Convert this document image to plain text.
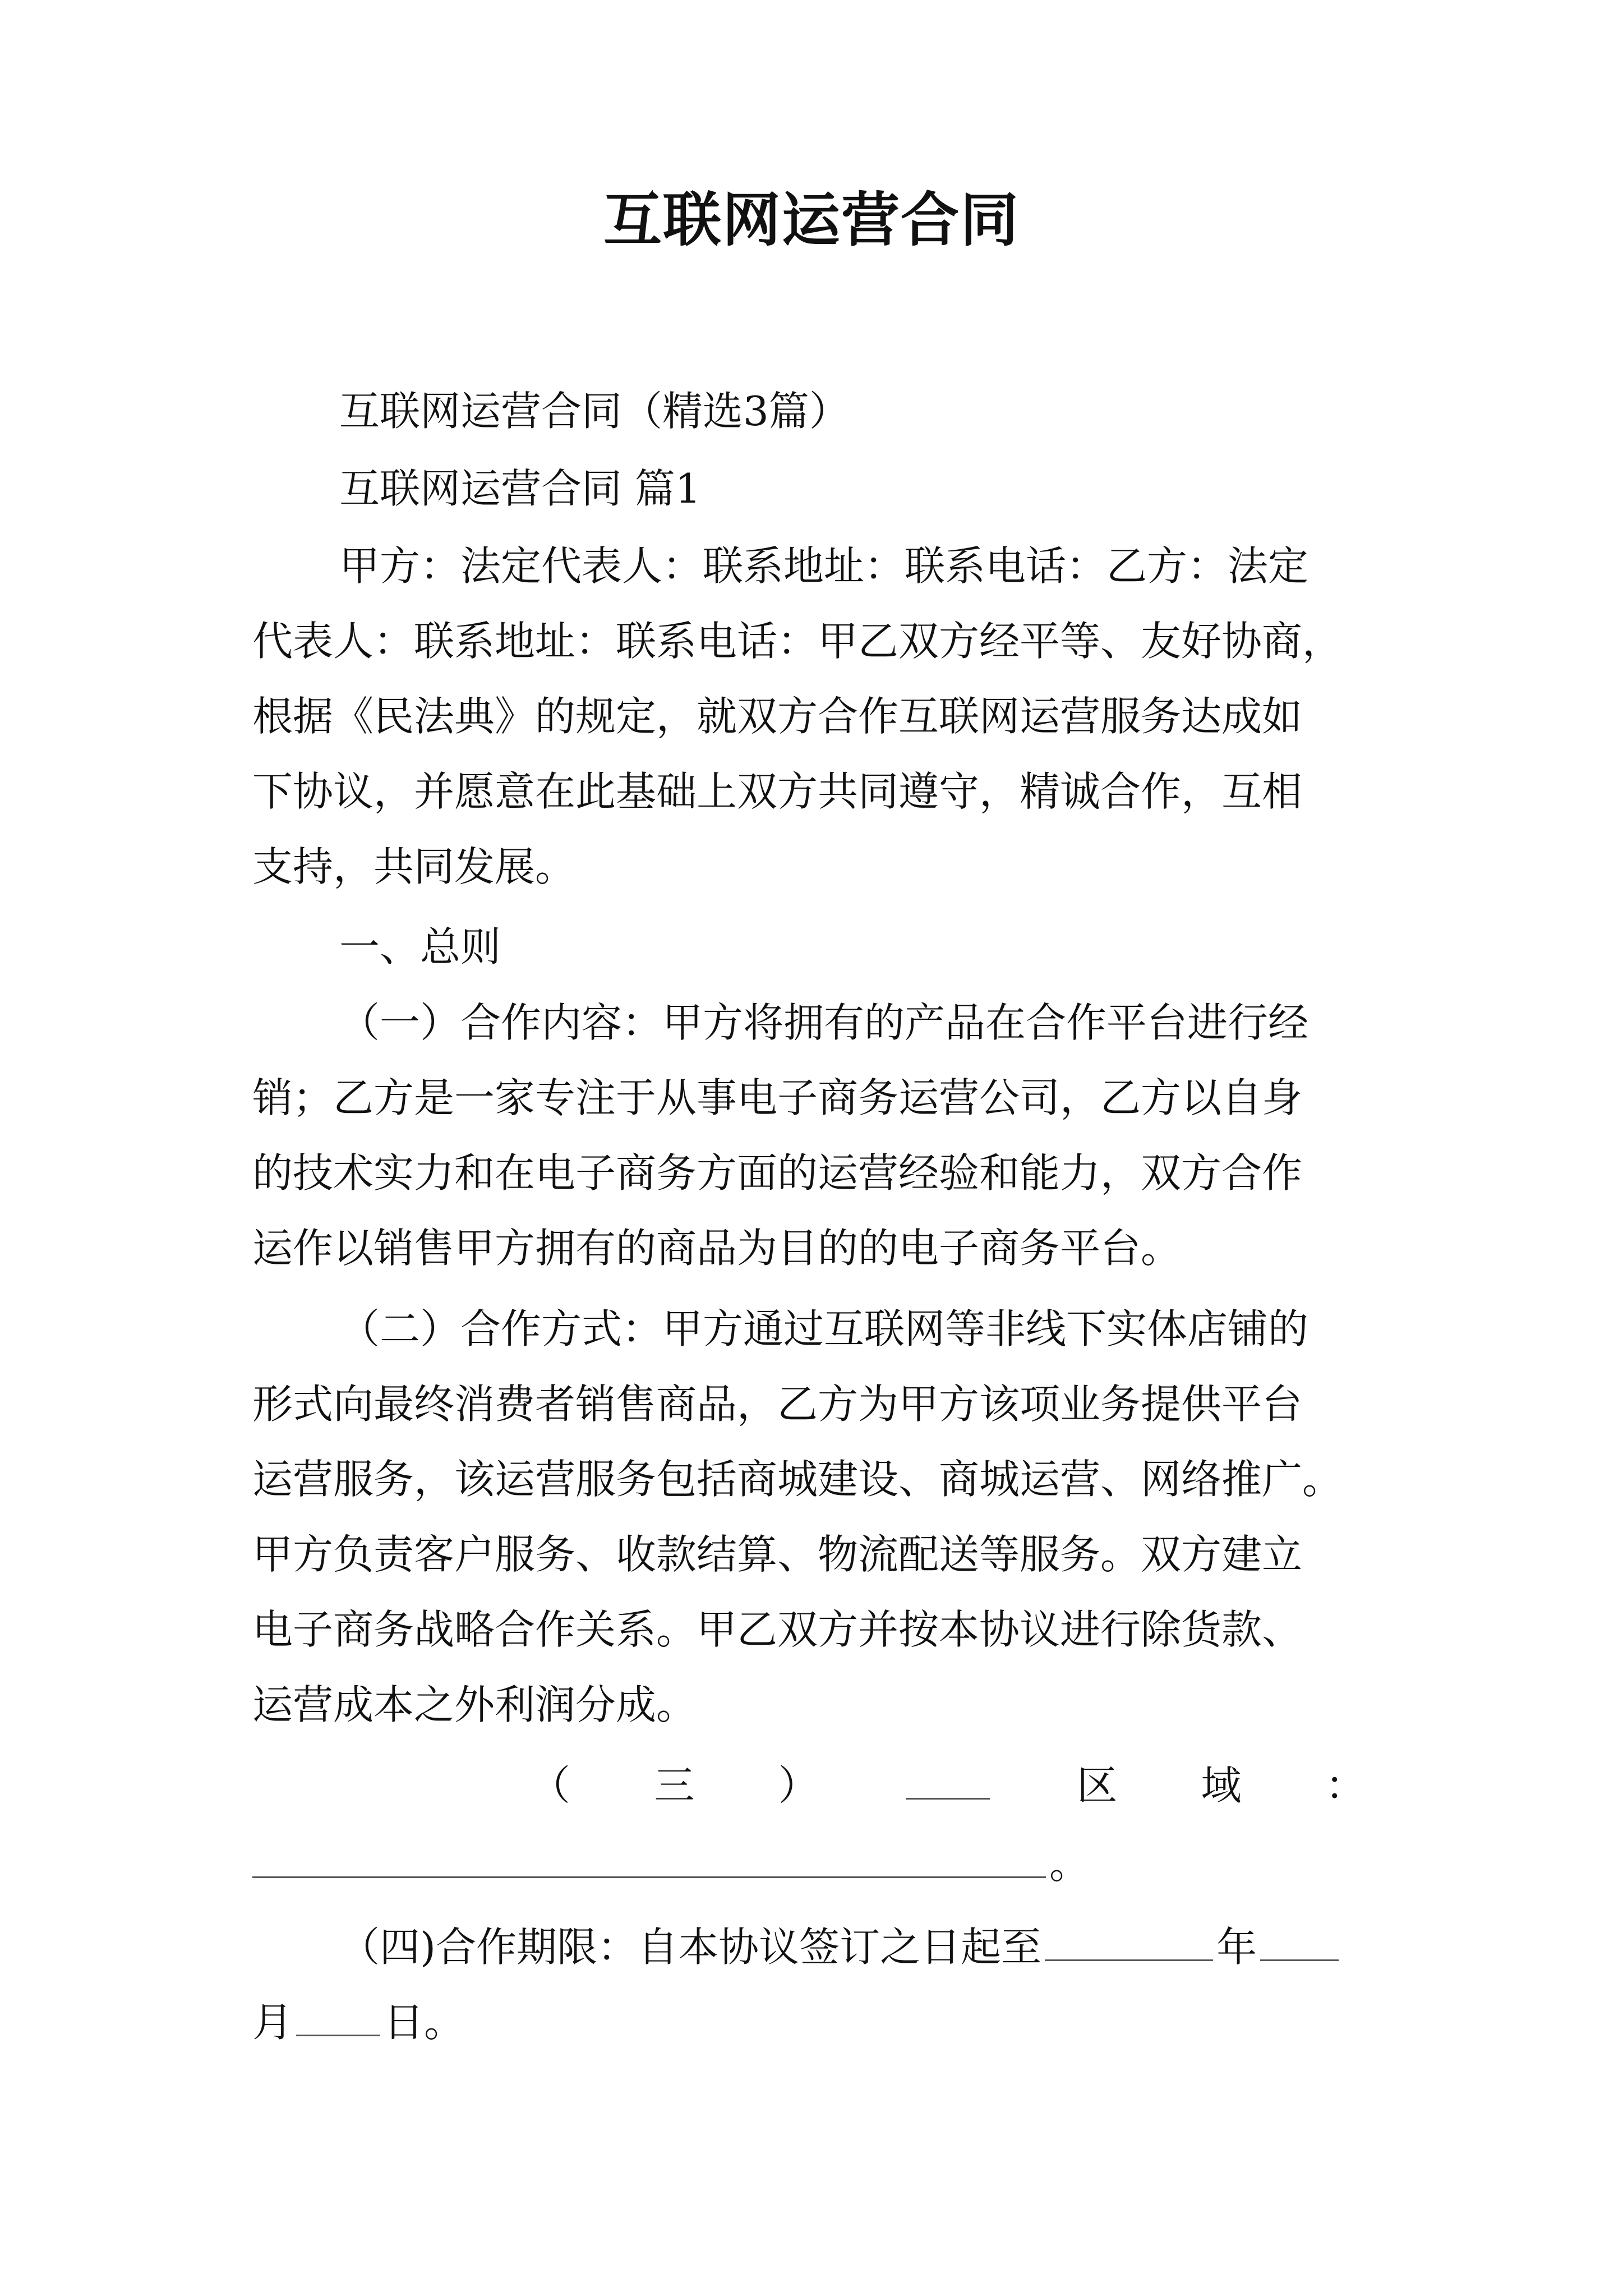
互联网运营合同
互联网运营合同（精选3篇）
互联网运营合同 篇1
甲方：法定代表人：联系地址：联系电话：乙方：法定
代表人：联系地址：联系电话：甲乙双方经平等、友好协商，
根据《民法典》的规定，就双方合作互联网运营服务达成如
下协议，并愿意在此基础上双方共同遵守，精诚合作，互相
支持，共同发展。
一、总则
（一）合作内容：甲方将拥有的产品在合作平台进行经
销；乙方是一家专注于从事电子商务运营公司，乙方以自身
的技术实力和在电子商务方面的运营经验和能力，双方合作
运作以销售甲方拥有的商品为目的的电子商务平台。
（二）合作方式：甲方通过互联网等非线下实体店铺的
形式向最终消费者销售商品，乙方为甲方该项业务提供平台
运营服务，该运营服务包括商城建设、商城运营、网络推广。
甲方负责客户服务、收款结算、物流配送等服务。双方建立
电子商务战略合作关系。甲乙双方并按本协议进行除货款、
运营成本之外利润分成。
（ 三 ）	区 域 ：
。
（四)合作期限：自本协议签订之日起至	年
月 日。
